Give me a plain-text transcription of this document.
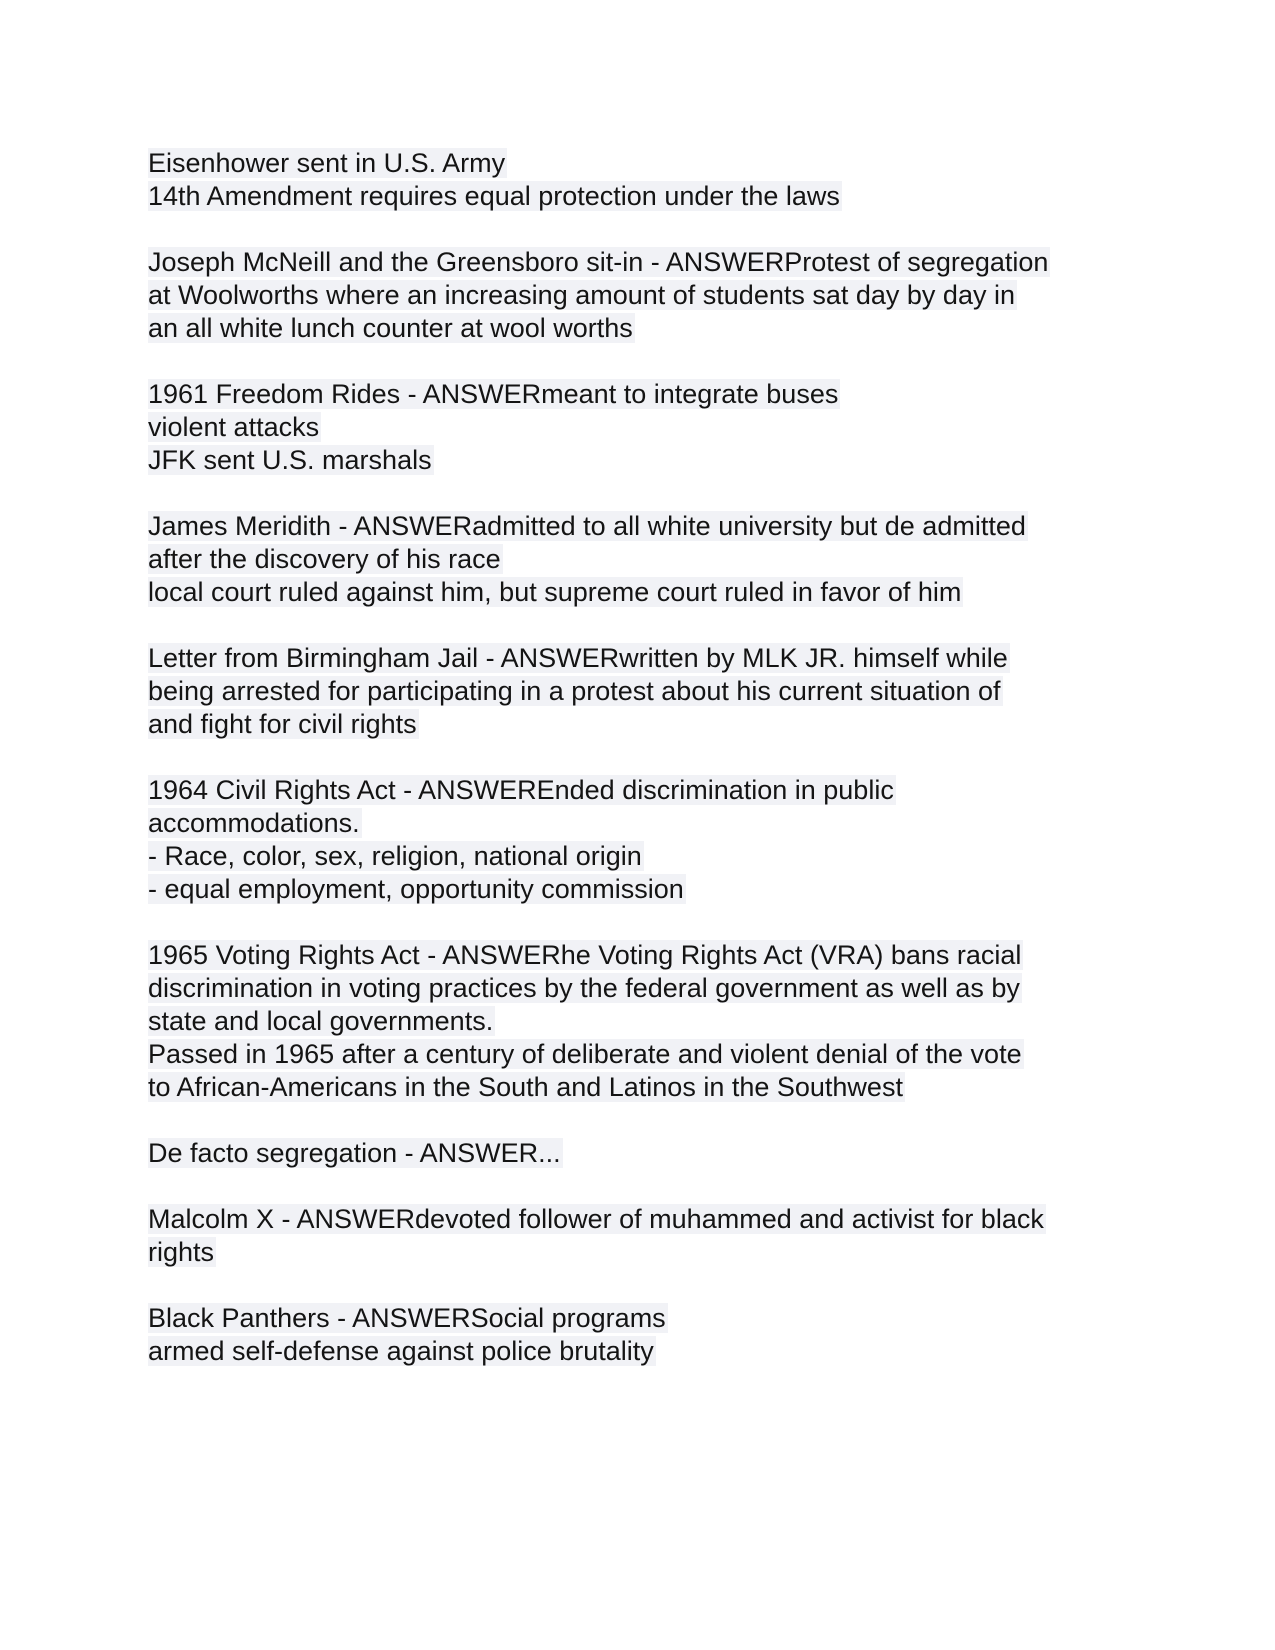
Eisenhower sent in U.S. Army
14th Amendment requires equal protection under the laws
Joseph McNeill and the Greensboro sit-in - ANSWERProtest of segregation
at Woolworths where an increasing amount of students sat day by day in
an all white lunch counter at wool worths
1961 Freedom Rides - ANSWERmeant to integrate buses
violent attacks
JFK sent U.S. marshals
James Meridith - ANSWERadmitted to all white university but de admitted
after the discovery of his race
local court ruled against him, but supreme court ruled in favor of him
Letter from Birmingham Jail - ANSWERwritten by MLK JR. himself while
being arrested for participating in a protest about his current situation of
and fight for civil rights
1964 Civil Rights Act - ANSWEREnded discrimination in public
accommodations.
- Race, color, sex, religion, national origin
- equal employment, opportunity commission
1965 Voting Rights Act - ANSWERhe Voting Rights Act (VRA) bans racial
discrimination in voting practices by the federal government as well as by
state and local governments.
Passed in 1965 after a century of deliberate and violent denial of the vote
to African-Americans in the South and Latinos in the Southwest
De facto segregation - ANSWER...
Malcolm X - ANSWERdevoted follower of muhammed and activist for black
rights
Black Panthers - ANSWERSocial programs
armed self-defense against police brutality
